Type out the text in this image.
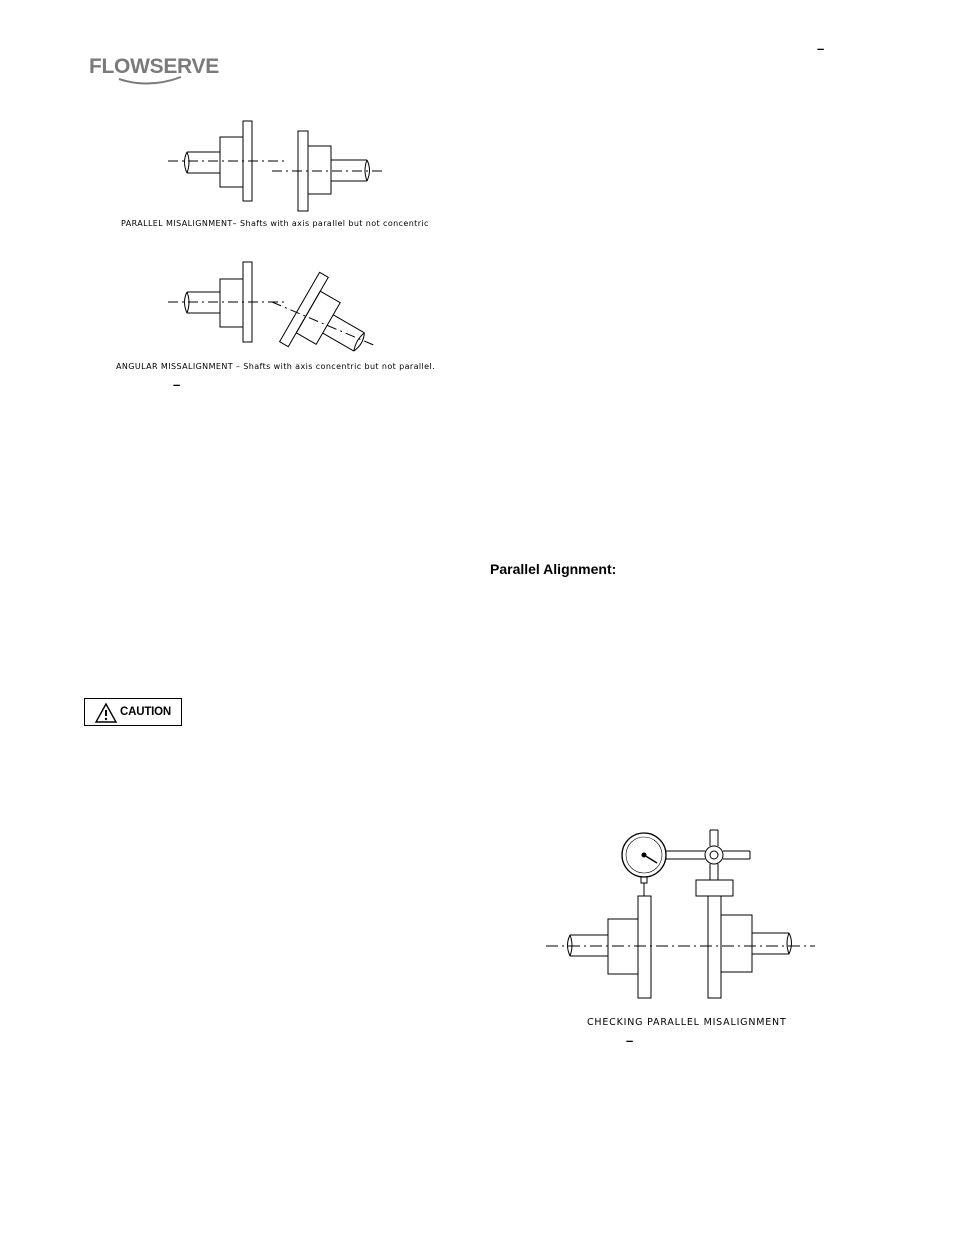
FLOWSERVE
–
PARALLEL MISALIGNMENT– Shafts with axis parallel but not concentric
ANGULAR MISSALIGNMENT – Shafts with axis concentric but not parallel.
–
Parallel Alignment:
CAUTION
CHECKING PARALLEL MISALIGNMENT
–
